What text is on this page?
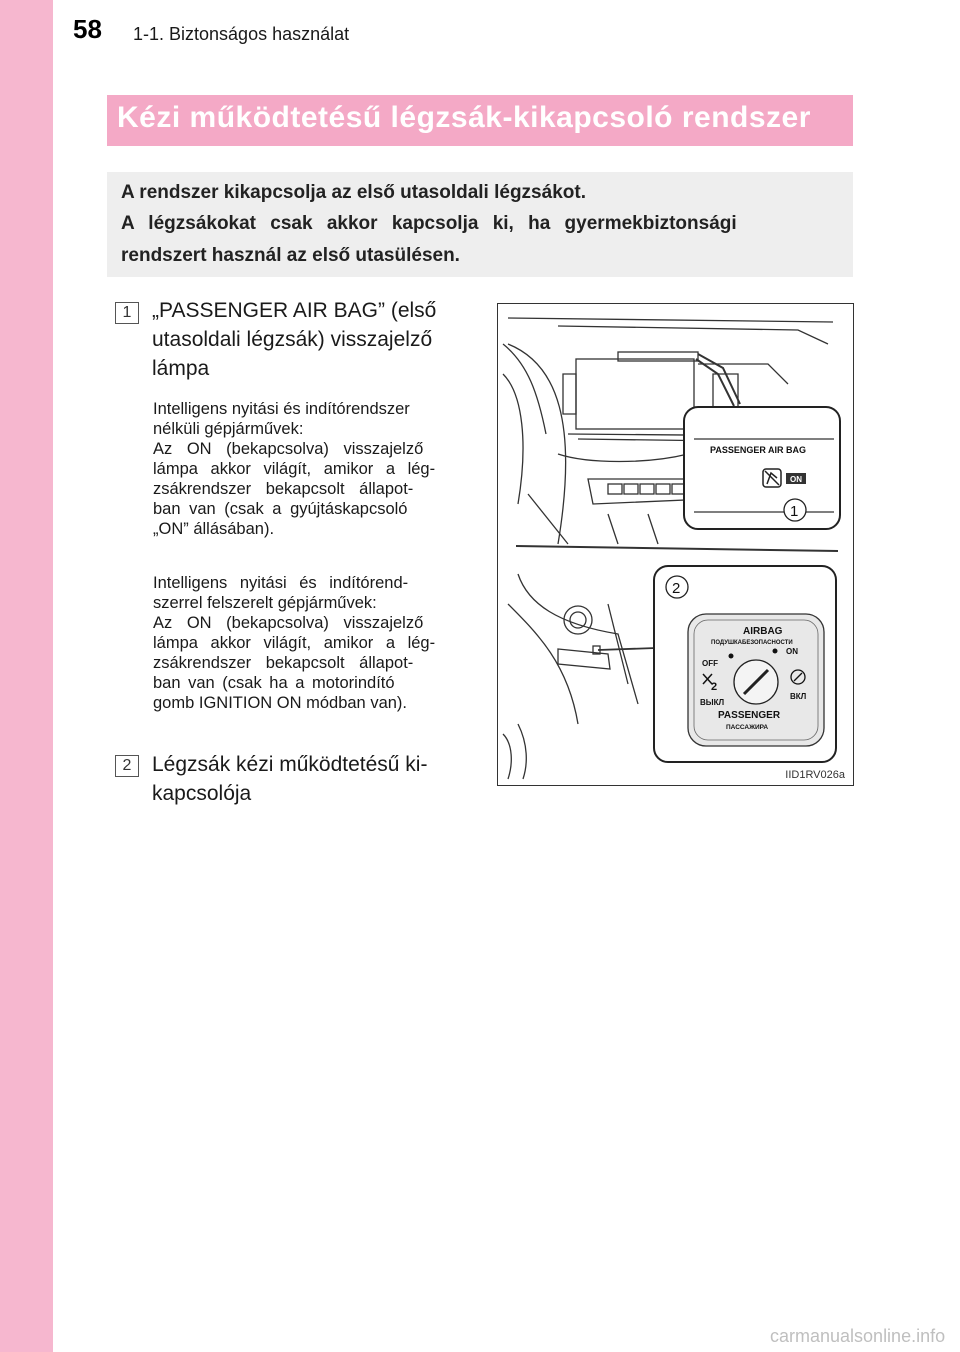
58 1-1. Biztonságos használat
Kézi működtetésű légzsák-kikapcsoló rendszer
A rendszer kikapcsolja az első utasoldali légzsákot.
A légzsákokat csak akkor kapcsolja ki, ha gyermekbiztonsági
rendszert használ az első utasülésen.
1 „PASSENGER AIR BAG” (első
utasoldali légzsák) visszajelző
lámpa
Intelligens nyitási és indítórendszer
nélküli gépjárművek:
Az ON (bekapcsolva) visszajelző
lámpa akkor világít, amikor a lég-
zsákrendszer bekapcsolt állapot-
ban van (csak a gyújtáskapcsoló
„ON” állásában).
Intelligens nyitási és indítórend-
szerrel felszerelt gépjárművek:
Az ON (bekapcsolva) visszajelző
lámpa akkor világít, amikor a lég-
zsákrendszer bekapcsolt állapot-
ban van (csak ha a motorindító
gomb IGNITION ON módban van).
2 Légzsák kézi működtetésű ki-
kapcsolója
PASSENGER AIR BAG
ON
1
2
AIRBAG
ПОДУШКАБЕЗОПАСНОСТИ
OFF
ON
2
ВЫКЛ
ВКЛ
PASSENGER
ПАССАЖИРА
IID1RV026a
carmanualsonline.info
